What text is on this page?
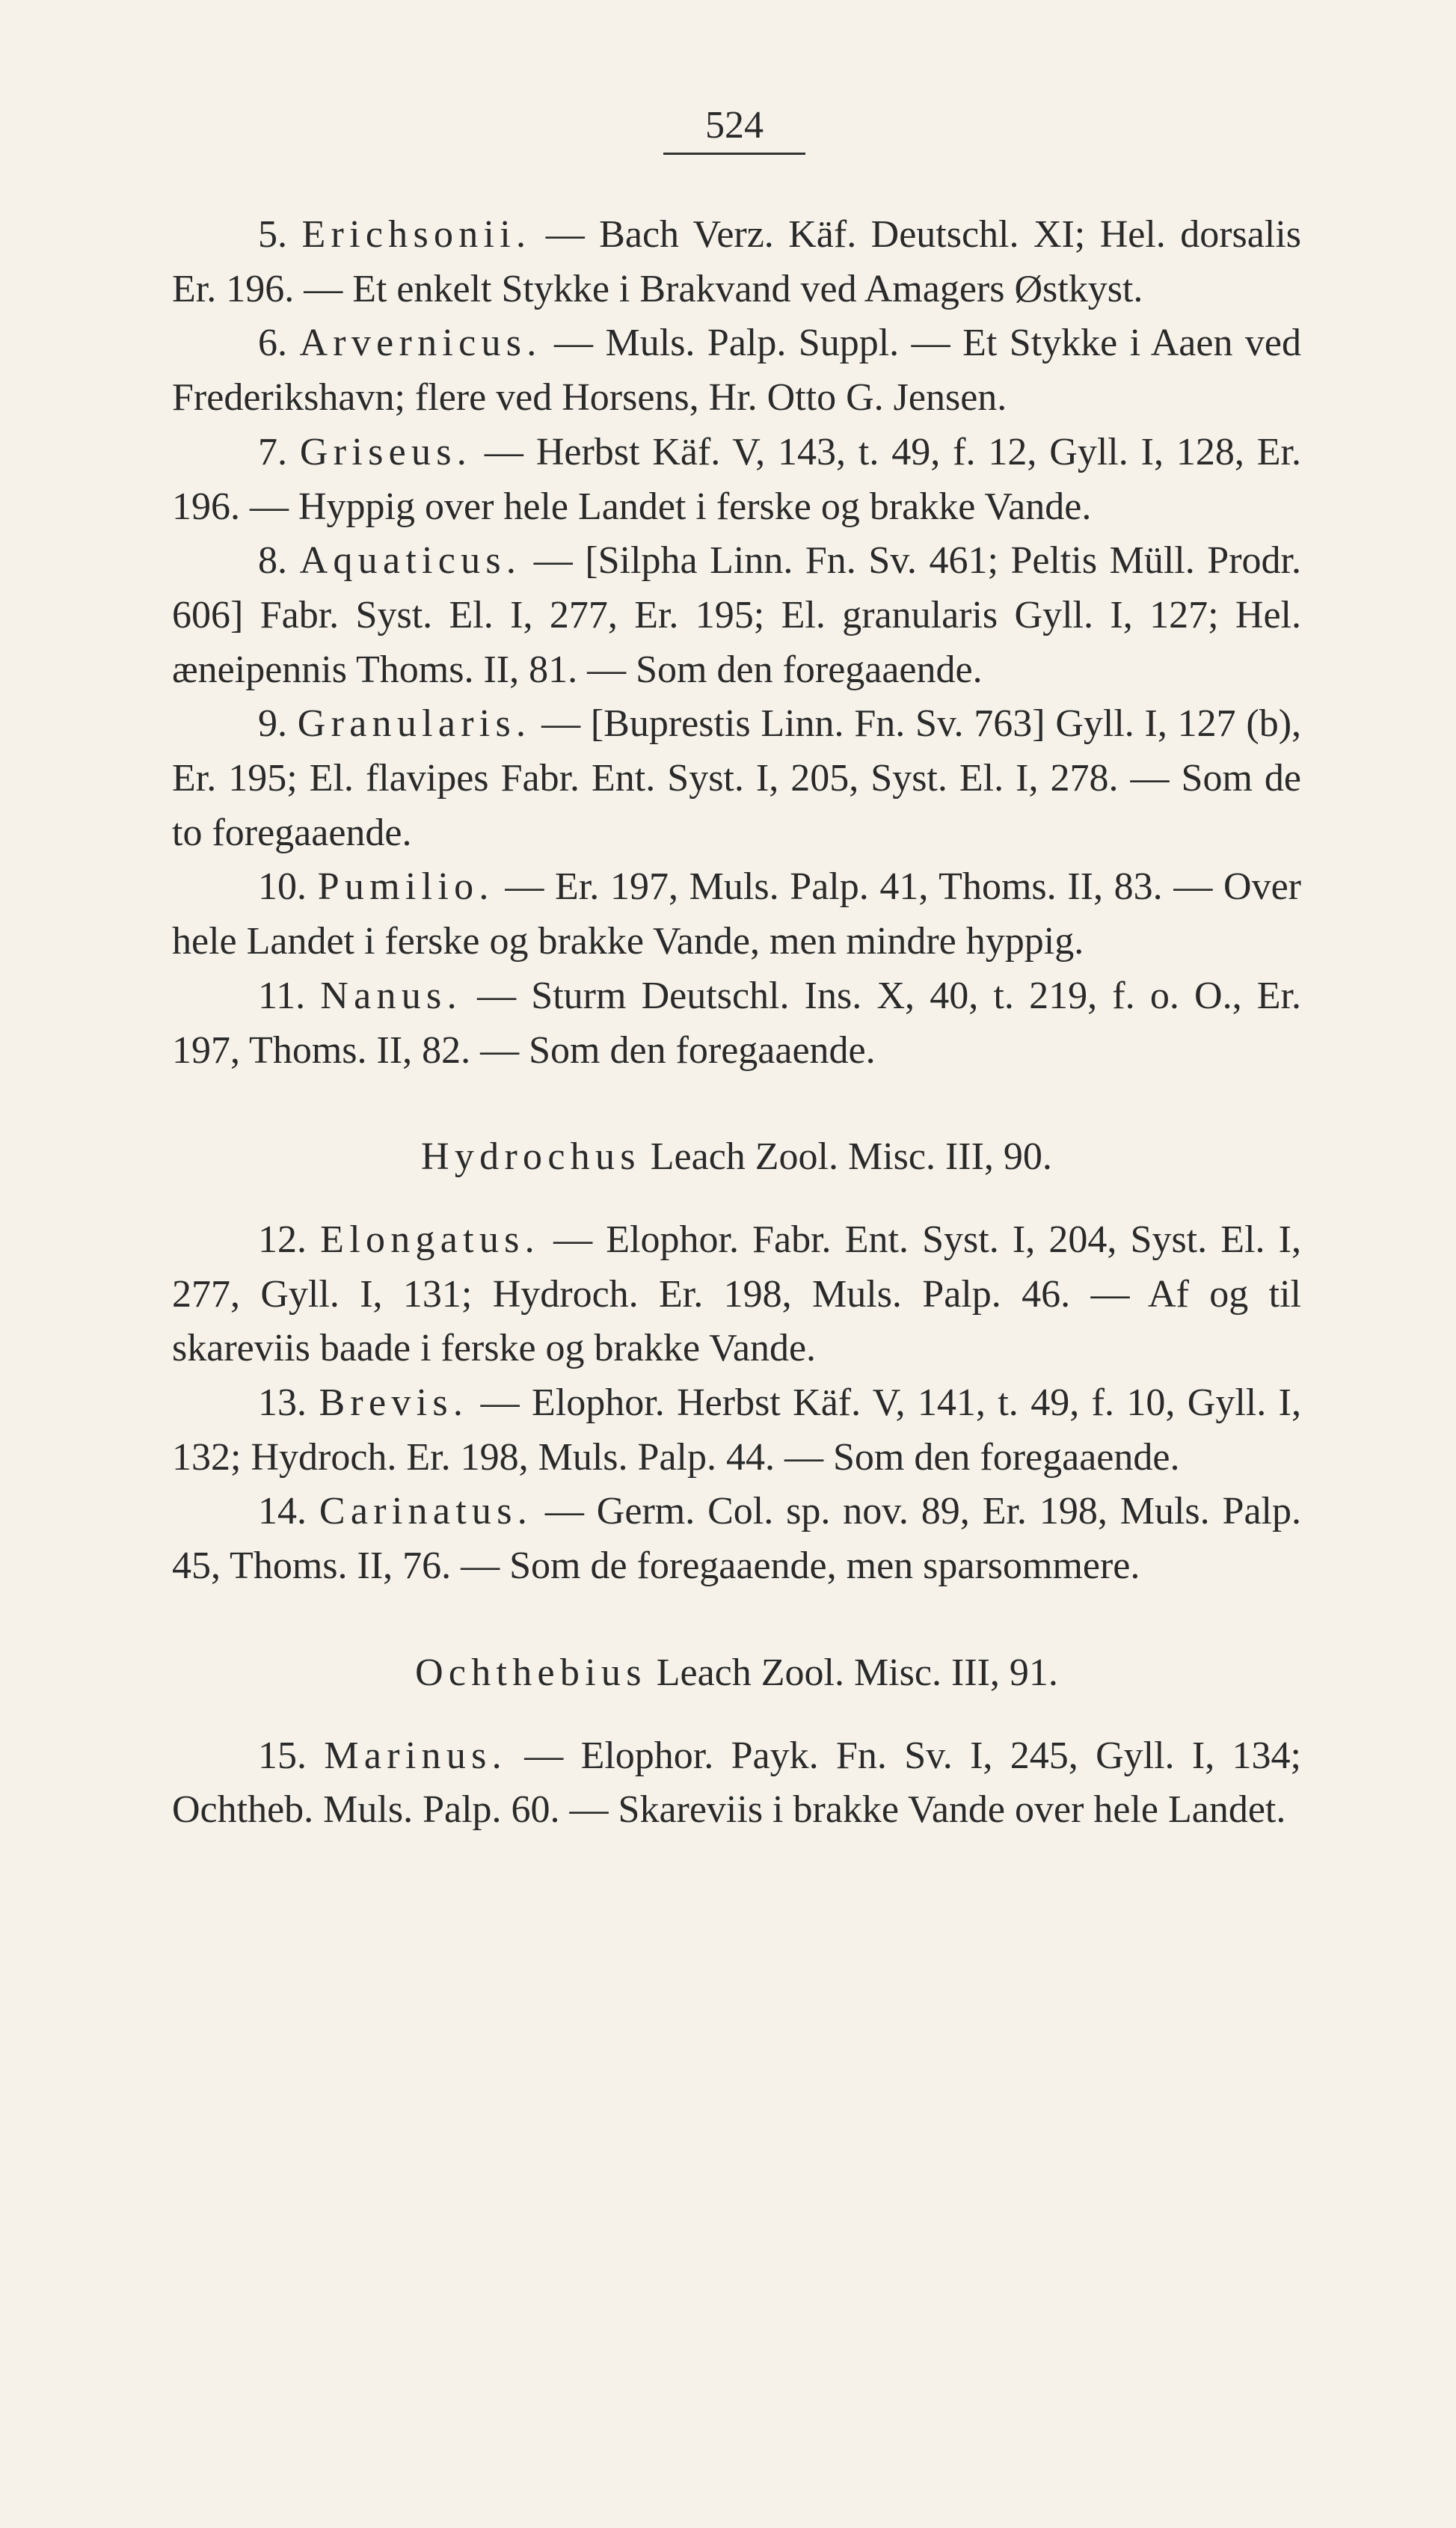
524

5. Erichsonii. — Bach Verz. Käf. Deutschl. XI; Hel. dorsalis Er. 196. — Et enkelt Stykke i Brakvand ved Amagers Østkyst.

6. Arvernicus. — Muls. Palp. Suppl. — Et Stykke i Aaen ved Frederikshavn; flere ved Horsens, Hr. Otto G. Jensen.

7. Griseus. — Herbst Käf. V, 143, t. 49, f. 12, Gyll. I, 128, Er. 196. — Hyppig over hele Landet i ferske og brakke Vande.

8. Aquaticus. — [Silpha Linn. Fn. Sv. 461; Peltis Müll. Prodr. 606] Fabr. Syst. El. I, 277, Er. 195; El. granularis Gyll. I, 127; Hel. æneipennis Thoms. II, 81. — Som den foregaaende.

9. Granularis. — [Buprestis Linn. Fn. Sv. 763] Gyll. I, 127 (b), Er. 195; El. flavipes Fabr. Ent. Syst. I, 205, Syst. El. I, 278. — Som de to foregaaende.

10. Pumilio. — Er. 197, Muls. Palp. 41, Thoms. II, 83. — Over hele Landet i ferske og brakke Vande, men mindre hyppig.

11. Nanus. — Sturm Deutschl. Ins. X, 40, t. 219, f. o. O., Er. 197, Thoms. II, 82. — Som den foregaaende.

Hydrochus Leach Zool. Misc. III, 90.

12. Elongatus. — Elophor. Fabr. Ent. Syst. I, 204, Syst. El. I, 277, Gyll. I, 131; Hydroch. Er. 198, Muls. Palp. 46. — Af og til skareviis baade i ferske og brakke Vande.

13. Brevis. — Elophor. Herbst Käf. V, 141, t. 49, f. 10, Gyll. I, 132; Hydroch. Er. 198, Muls. Palp. 44. — Som den foregaaende.

14. Carinatus. — Germ. Col. sp. nov. 89, Er. 198, Muls. Palp. 45, Thoms. II, 76. — Som de foregaaende, men sparsommere.

Ochthebius Leach Zool. Misc. III, 91.

15. Marinus. — Elophor. Payk. Fn. Sv. I, 245, Gyll. I, 134; Ochtheb. Muls. Palp. 60. — Skareviis i brakke Vande over hele Landet.
